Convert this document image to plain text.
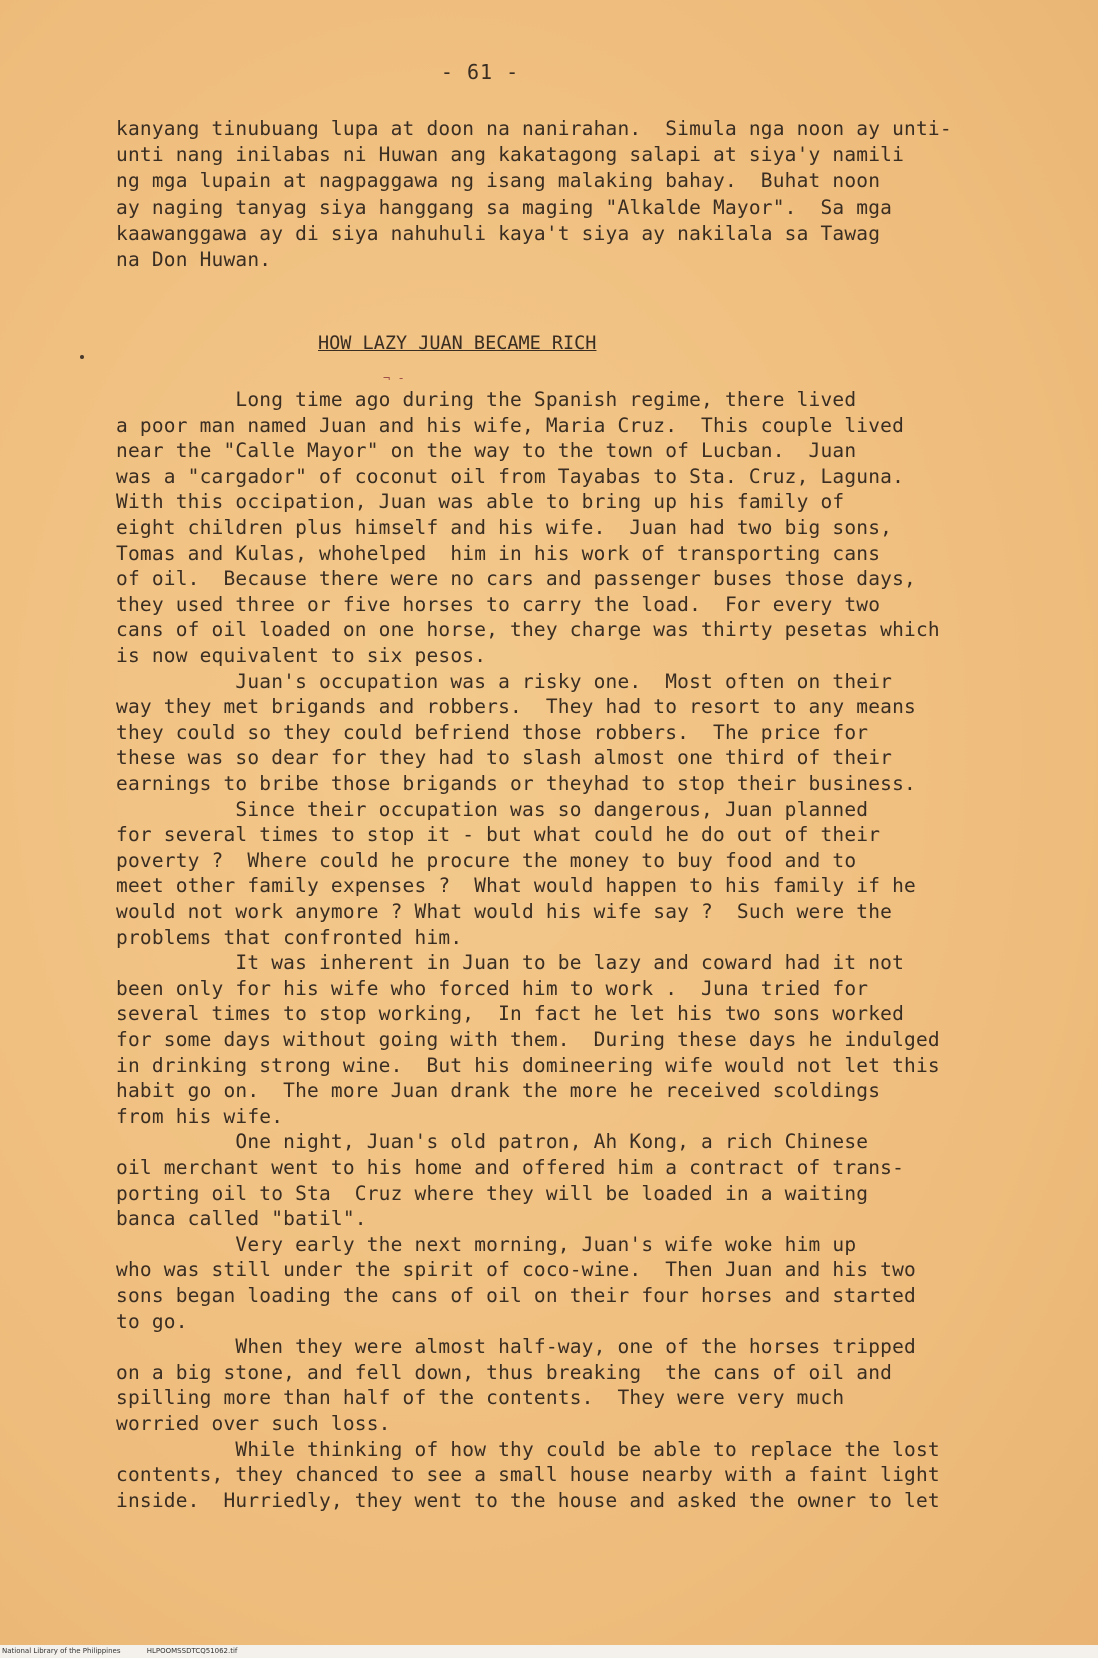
- 61 -
kanyang tinubuang lupa at doon na nanirahan.  Simula nga noon ay unti-
unti nang inilabas ni Huwan ang kakatagong salapi at siya'y namili
ng mga lupain at nagpaggawa ng isang malaking bahay.  Buhat noon
ay naging tanyag siya hanggang sa maging "Alkalde Mayor".  Sa mga
kaawanggawa ay di siya nahuhuli kaya't siya ay nakilala sa Tawag
na Don Huwan.
HOW LAZY JUAN BECAME RICH
¬ -
Long time ago during the Spanish regime, there lived
a poor man named Juan and his wife, Maria Cruz.  This couple lived
near the "Calle Mayor" on the way to the town of Lucban.  Juan
was a "cargador" of coconut oil from Tayabas to Sta. Cruz, Laguna.
With this occipation, Juan was able to bring up his family of
eight children plus himself and his wife.  Juan had two big sons,
Tomas and Kulas, whohelped  him in his work of transporting cans
of oil.  Because there were no cars and passenger buses those days,
they used three or five horses to carry the load.  For every two
cans of oil loaded on one horse, they charge was thirty pesetas which
is now equivalent to six pesos.
Juan's occupation was a risky one.  Most often on their
way they met brigands and robbers.  They had to resort to any means
they could so they could befriend those robbers.  The price for
these was so dear for they had to slash almost one third of their
earnings to bribe those brigands or theyhad to stop their business.
Since their occupation was so dangerous, Juan planned
for several times to stop it - but what could he do out of their
poverty ?  Where could he procure the money to buy food and to
meet other family expenses ?  What would happen to his family if he
would not work anymore ? What would his wife say ?  Such were the
problems that confronted him.
It was inherent in Juan to be lazy and coward had it not
been only for his wife who forced him to work .  Juna tried for
several times to stop working,  In fact he let his two sons worked
for some days without going with them.  During these days he indulged
in drinking strong wine.  But his domineering wife would not let this
habit go on.  The more Juan drank the more he received scoldings
from his wife.
One night, Juan's old patron, Ah Kong, a rich Chinese
oil merchant went to his home and offered him a contract of trans-
porting oil to Sta  Cruz where they will be loaded in a waiting
banca called "batil".
Very early the next morning, Juan's wife woke him up
who was still under the spirit of coco-wine.  Then Juan and his two
sons began loading the cans of oil on their four horses and started
to go.
When they were almost half-way, one of the horses tripped
on a big stone, and fell down, thus breaking  the cans of oil and
spilling more than half of the contents.  They were very much
worried over such loss.
While thinking of how thy could be able to replace the lost
contents, they chanced to see a small house nearby with a faint light
inside.  Hurriedly, they went to the house and asked the owner to let
National Library of the Philippines	HLPOOMSSDTCQ51062.tif
